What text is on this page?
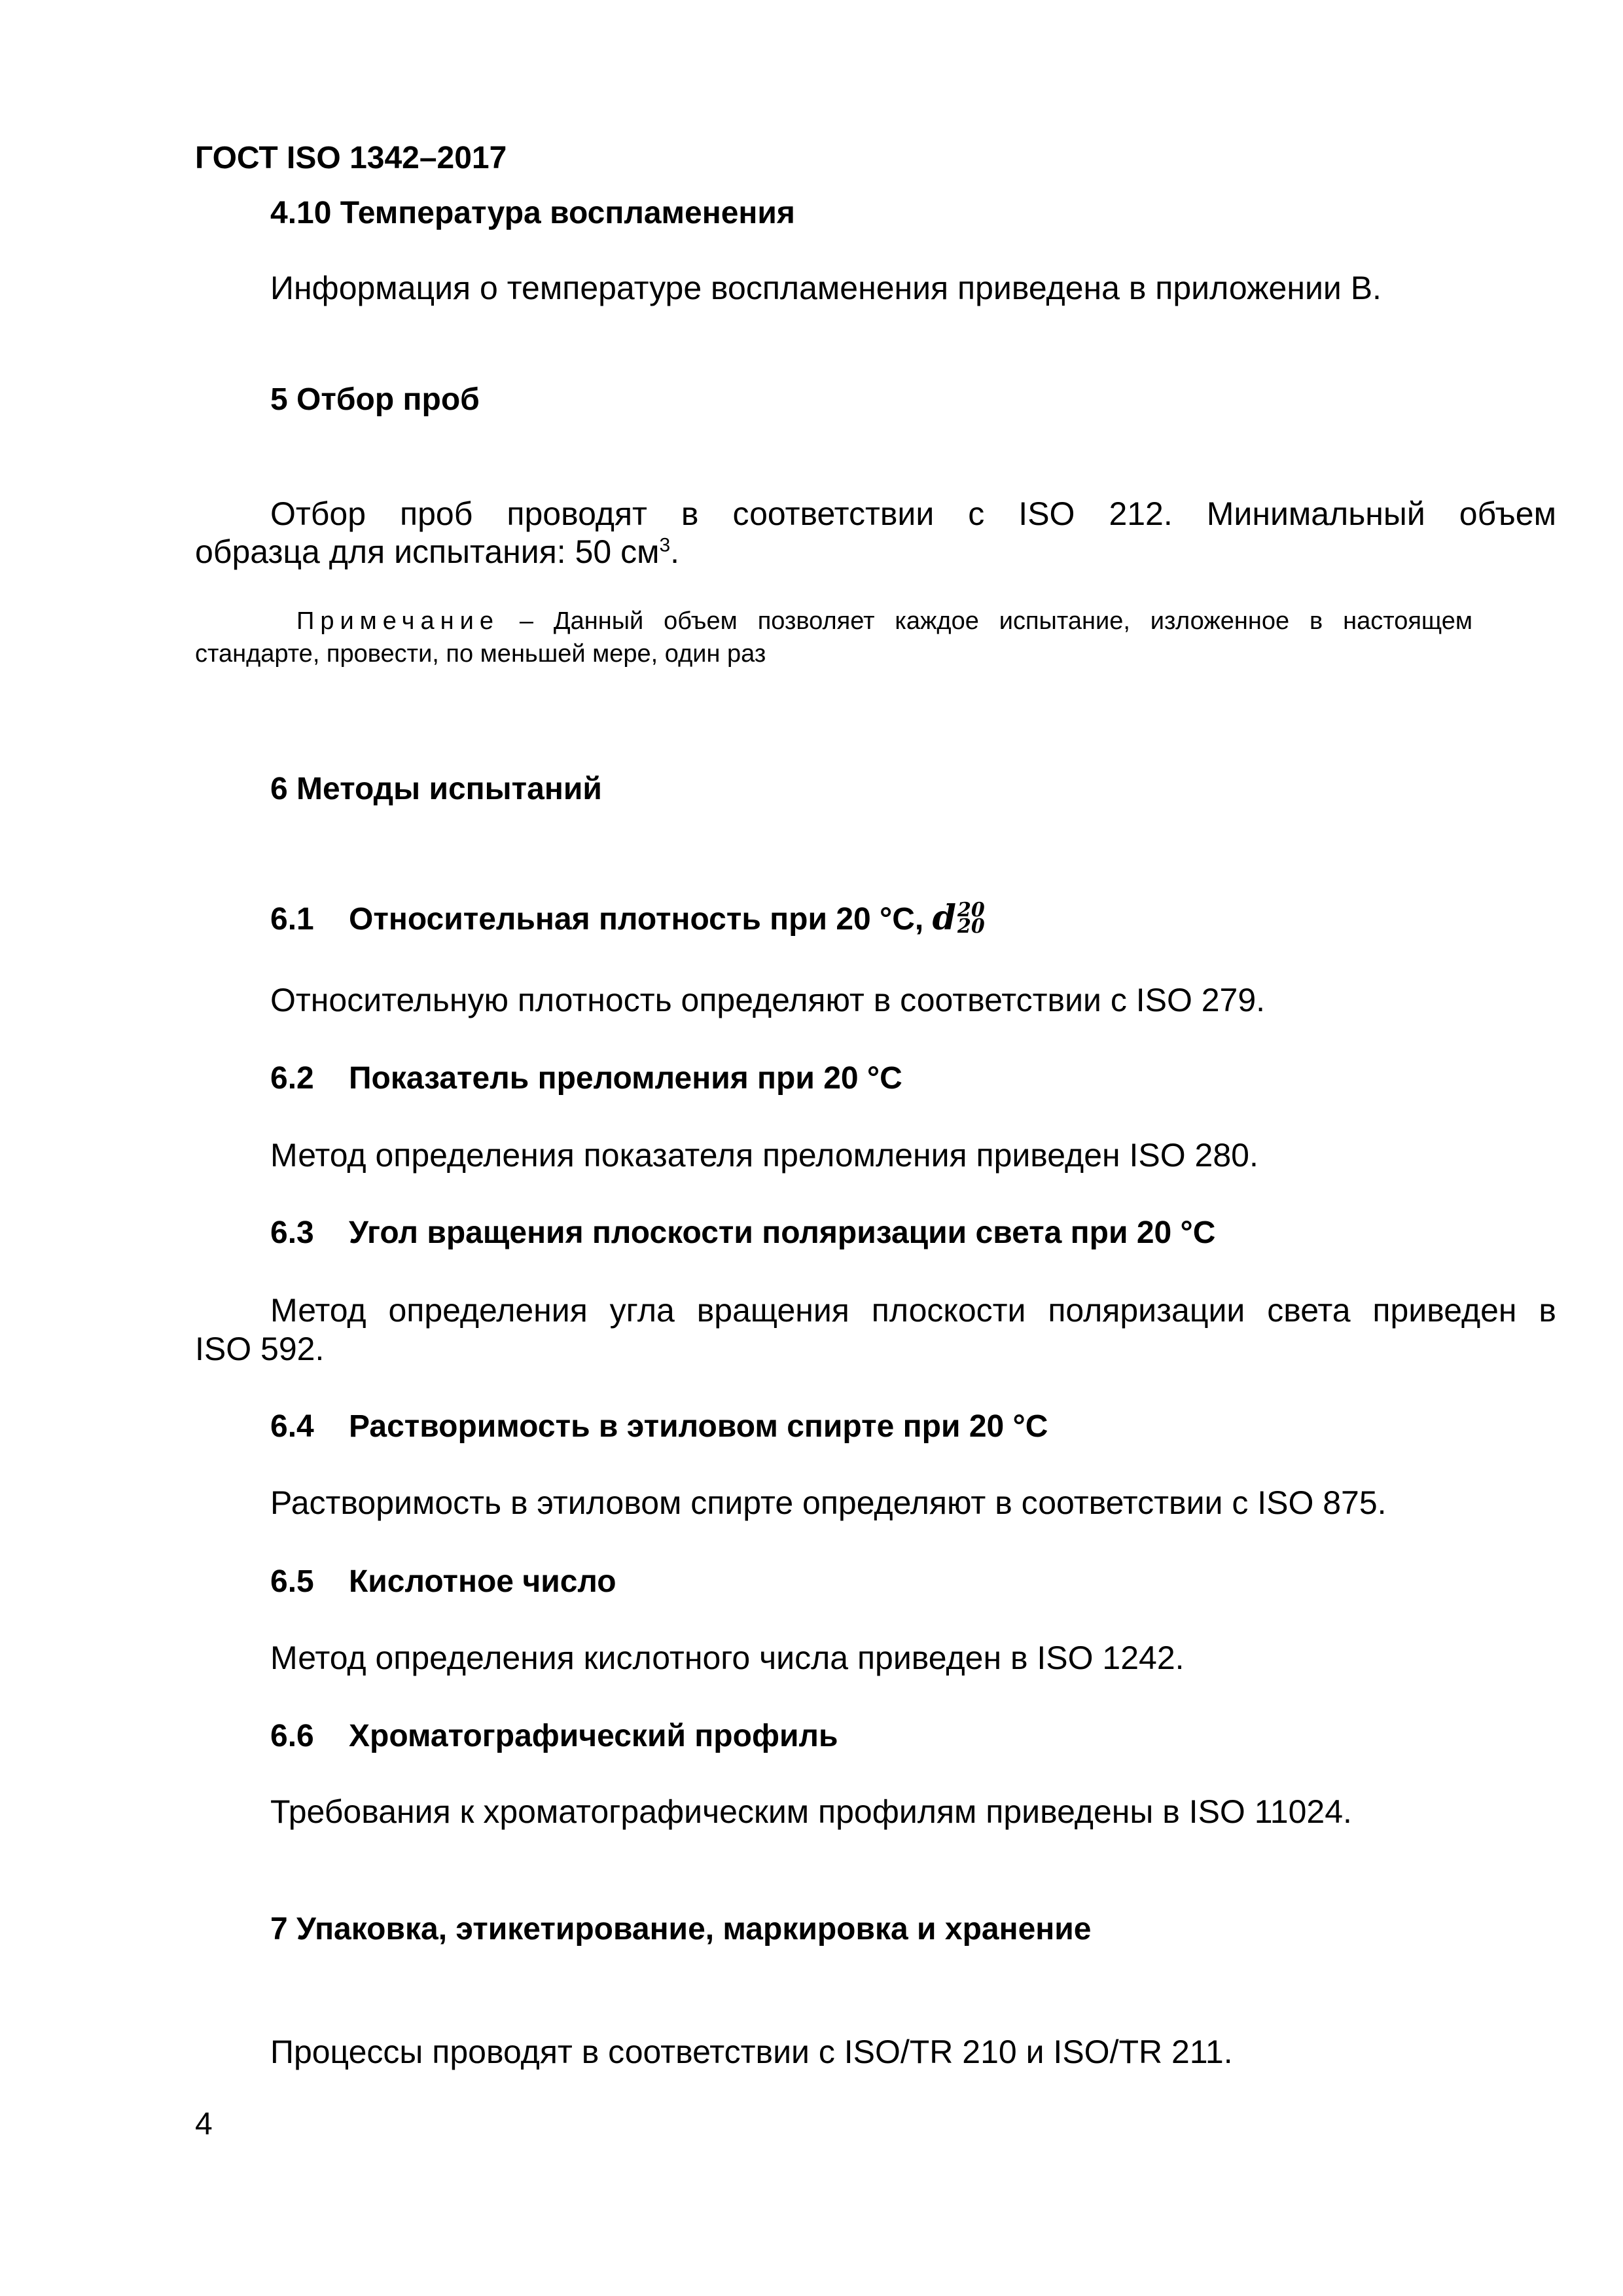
ГОСТ ISO 1342–2017
4.10 Температура воспламенения
Информация о температуре воспламенения приведена в приложении В.
5 Отбор проб
Отбор проб проводят в соответствии с ISO 212. Минимальный объем
образца для испытания: 50 $см^3$.
Примечание – Данный объем позволяет каждое испытание, изложенное в настоящем
стандарте, провести, по меньшей мере, один раз
6 Методы испытаний
6.1 Относительная плотность при 20 °С, d 20
20
Относительную плотность определяют в соответствии с ISO 279.
6.2 Показатель преломления при 20 °С
Метод определения показателя преломления приведен ISO 280.
6.3 Угол вращения плоскости поляризации света при 20 °С
Метод определения угла вращения плоскости поляризации света приведен в
ISO 592.
6.4 Растворимость в этиловом спирте при 20 °С
Растворимость в этиловом спирте определяют в соответствии с ISO 875.
6.5 Кислотное число
Метод определения кислотного числа приведен в ISO 1242.
6.6 Хроматографический профиль
Требования к хроматографическим профилям приведены в ISO 11024.
7 Упаковка, этикетирование, маркировка и хранение
Процессы проводят в соответствии с ISO/TR 210 и ISO/TR 211.
4
